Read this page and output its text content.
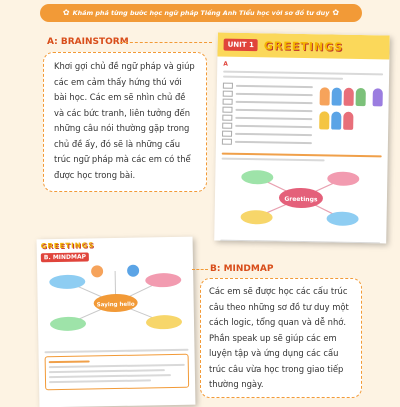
✿ Khám phá từng bước học ngữ pháp Tiếng Anh Tiểu học với sơ đồ tư duy ✿
A: BRAINSTORM
Khơi gợi chủ đề ngữ pháp và giúp các em cảm thấy hứng thú với bài học. Các em sẽ nhìn chủ đề và các bức tranh, liên tưởng đến những câu nói thường gặp trong chủ đề ấy, đó sẽ là những cấu trúc ngữ pháp mà các em có thể được học trong bài.
UNIT 1 GREETINGS
A

Greetings
GREETINGS
B. MINDMAP
Saying hello
B: MINDMAP
Các em sẽ được học các cấu trúc câu theo những sơ đồ tư duy một cách logic, tổng quan và dễ nhớ. Phần speak up sẽ giúp các em luyện tập và ứng dụng các cấu trúc câu vừa học trong giao tiếp thường ngày.
